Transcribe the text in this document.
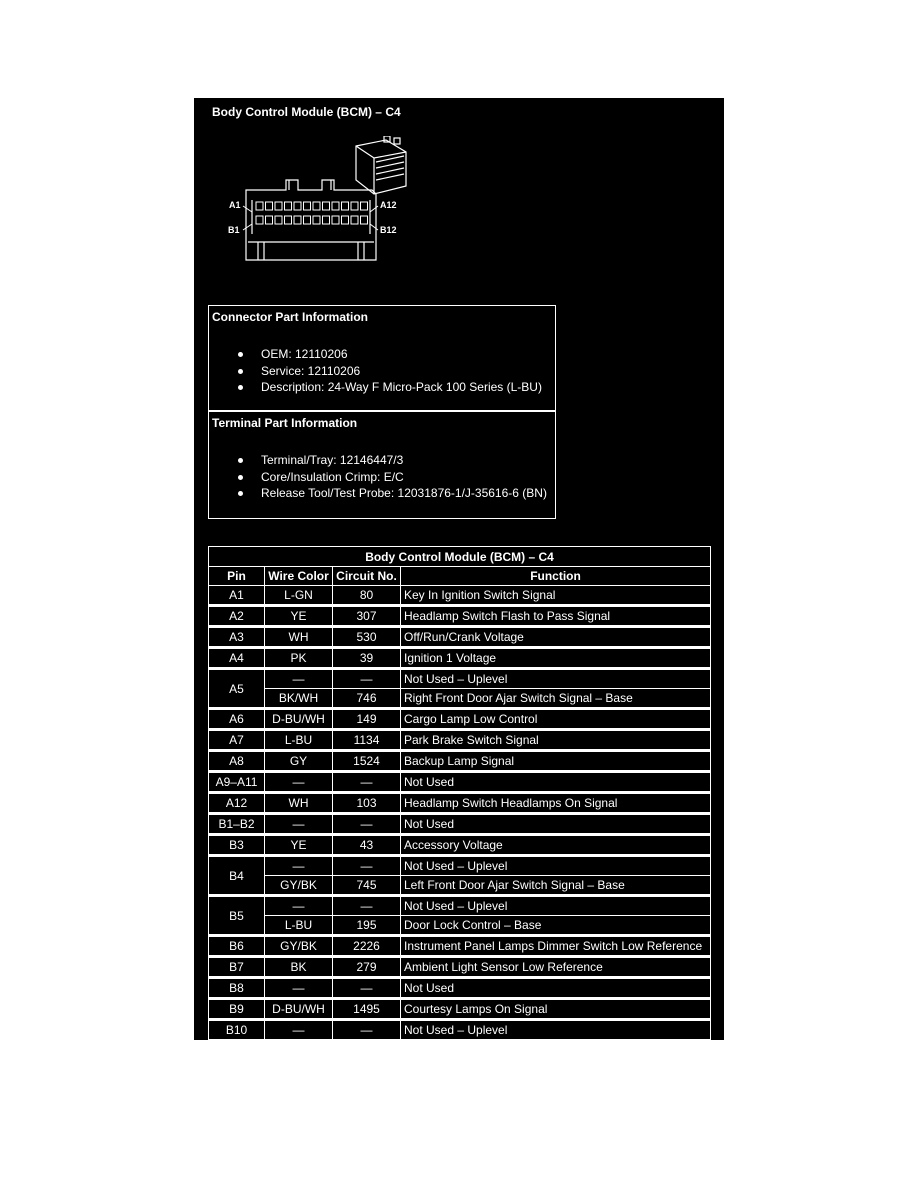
Body Control Module (BCM) – C4
A1
B1
A12
B12
Connector Part Information
OEM: 12110206
Service: 12110206
Description: 24-Way F Micro-Pack 100 Series (L-BU)
Terminal Part Information
Terminal/Tray: 12146447/3
Core/Insulation Crimp: E/C
Release Tool/Test Probe: 12031876-1/J-35616-6 (BN)
Body Control Module (BCM) – C4			
Pin	Wire Color	Circuit No.	Function
A1	L-GN	80	Key In Ignition Switch Signal
A2	YE	307	Headlamp Switch Flash to Pass Signal
A3	WH	530	Off/Run/Crank Voltage
A4	PK	39	Ignition 1 Voltage
A5	—	—	Not Used – Uplevel
	BK/WH	746	Right Front Door Ajar Switch Signal – Base
A6	D-BU/WH	149	Cargo Lamp Low Control
A7	L-BU	1134	Park Brake Switch Signal
A8	GY	1524	Backup Lamp Signal
A9–A11	—	—	Not Used
A12	WH	103	Headlamp Switch Headlamps On Signal
B1–B2	—	—	Not Used
B3	YE	43	Accessory Voltage
B4	—	—	Not Used – Uplevel
	GY/BK	745	Left Front Door Ajar Switch Signal – Base
B5	—	—	Not Used – Uplevel
	L-BU	195	Door Lock Control – Base
B6	GY/BK	2226	Instrument Panel Lamps Dimmer Switch Low Reference
B7	BK	279	Ambient Light Sensor Low Reference
B8	—	—	Not Used
B9	D-BU/WH	1495	Courtesy Lamps On Signal
B10	—	—	Not Used – Uplevel
